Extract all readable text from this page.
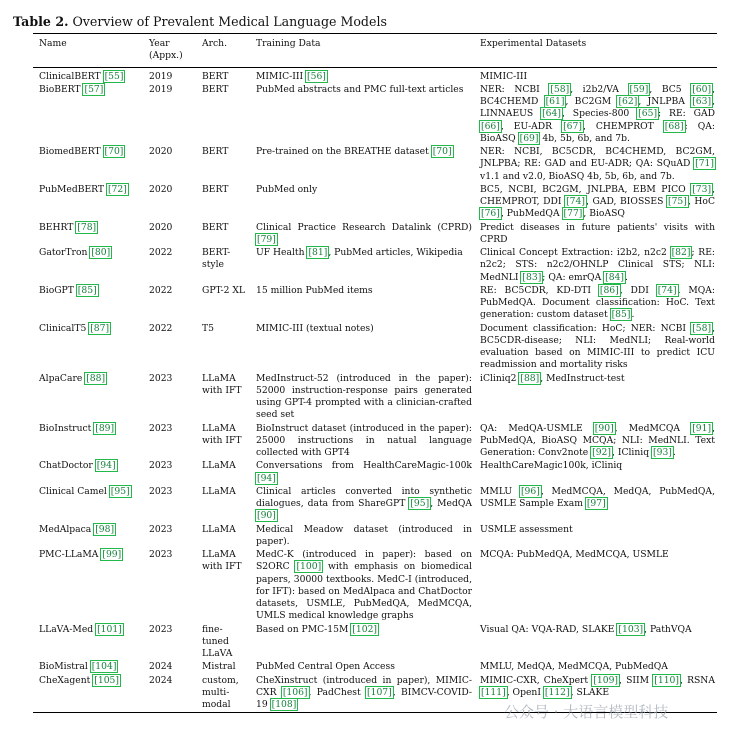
Table 2. Overview of Prevalent Medical Language Models
Name	Year (Appx.)	Arch.	Training Data	Experimental Datasets
ClinicalBERT [55]	2019	BERT	MIMIC-III [56]	MIMIC-III
BioBERT [57]	2019	BERT	PubMed abstracts and PMC full-text articles	NER: NCBI [58], i2b2/VA [59], BC5 [60], BC4CHEMD [61], BC2GM [62], JNLPBA [63], LINNAEUS [64], Species-800 [65]; RE: GAD [66], EU-ADR [67], CHEMPROT [68]; QA: BioASQ [69] 4b, 5b, 6b, and 7b.
BiomedBERT [70]	2020	BERT	Pre-trained on the BREATHE dataset [70]	NER: NCBI, BC5CDR, BC4CHEMD, BC2GM, JNLPBA; RE: GAD and EU-ADR; QA: SQuAD [71] v1.1 and v2.0, BioASQ 4b, 5b, 6b, and 7b.
PubMedBERT [72]	2020	BERT	PubMed only	BC5, NCBI, BC2GM, JNLPBA, EBM PICO [73], CHEMPROT, DDI [74], GAD, BIOSSES [75], HoC [76], PubMedQA [77], BioASQ
BEHRT [78]	2020	BERT	Clinical Practice Research Datalink (CPRD) [79]	Predict diseases in future patients' visits with CPRD
GatorTron [80]	2022	BERT-style	UF Health [81], PubMed articles, Wikipedia	Clinical Concept Extraction: i2b2, n2c2 [82]; RE: n2c2; STS: n2c2/OHNLP Clinical STS; NLI: MedNLI [83]; QA: emrQA [84].
BioGPT [85]	2022	GPT-2 XL	15 million PubMed items	RE: BC5CDR, KD-DTI [86], DDI [74]. MQA: PubMedQA. Document classification: HoC. Text generation: custom dataset [85].
ClinicalT5 [87]	2022	T5	MIMIC-III (textual notes)	Document classification: HoC; NER: NCBI [58], BC5CDR-disease; NLI: MedNLI; Real-world evaluation based on MIMIC-III to predict ICU readmission and mortality risks
AlpaCare [88]	2023	LLaMA with IFT	MedInstruct-52 (introduced in the paper): 52000 instruction-response pairs generated using GPT-4 prompted with a clinician-crafted seed set	iCliniq2 [88], MedInstruct-test
BioInstruct [89]	2023	LLaMA with IFT	BioInstruct dataset (introduced in the paper): 25000 instructions in natual language collected with GPT4	QA: MedQA-USMLE [90], MedMCQA [91], PubMedQA, BioASQ MCQA; NLI: MedNLI. Text Generation: Conv2note [92], ICliniq [93].
ChatDoctor [94]	2023	LLaMA	Conversations from HealthCareMagic-100k [94]	HealthCareMagic100k, iCliniq
Clinical Camel [95]	2023	LLaMA	Clinical articles converted into synthetic dialogues, data from ShareGPT [95], MedQA [90]	MMLU [96], MedMCQA, MedQA, PubMedQA, USMLE Sample Exam [97]
MedAlpaca [98]	2023	LLaMA	Medical Meadow dataset (introduced in paper).	USMLE assessment
PMC-LLaMA [99]	2023	LLaMA with IFT	MedC-K (introduced in paper): based on S2ORC [100] with emphasis on biomedical papers, 30000 textbooks. MedC-I (introduced, for IFT): based on MedAlpaca and ChatDoctor datasets, USMLE, PubMedQA, MedMCQA, UMLS medical knowledge graphs	MCQA: PubMedQA, MedMCQA, USMLE
LLaVA-Med [101]	2023	fine-tuned LLaVA	Based on PMC-15M [102]	Visual QA: VQA-RAD, SLAKE [103], PathVQA
BioMistral [104]	2024	Mistral	PubMed Central Open Access	MMLU, MedQA, MedMCQA, PubMedQA
CheXagent [105]	2024	custom, multi-modal	CheXinstruct (introduced in paper), MIMIC-CXR [106], PadChest [107], BIMCV-COVID-19 [108]	MIMIC-CXR, CheXpert [109], SIIM [110], RSNA [111], OpenI [112], SLAKE
公众号 · 大语言模型科技
